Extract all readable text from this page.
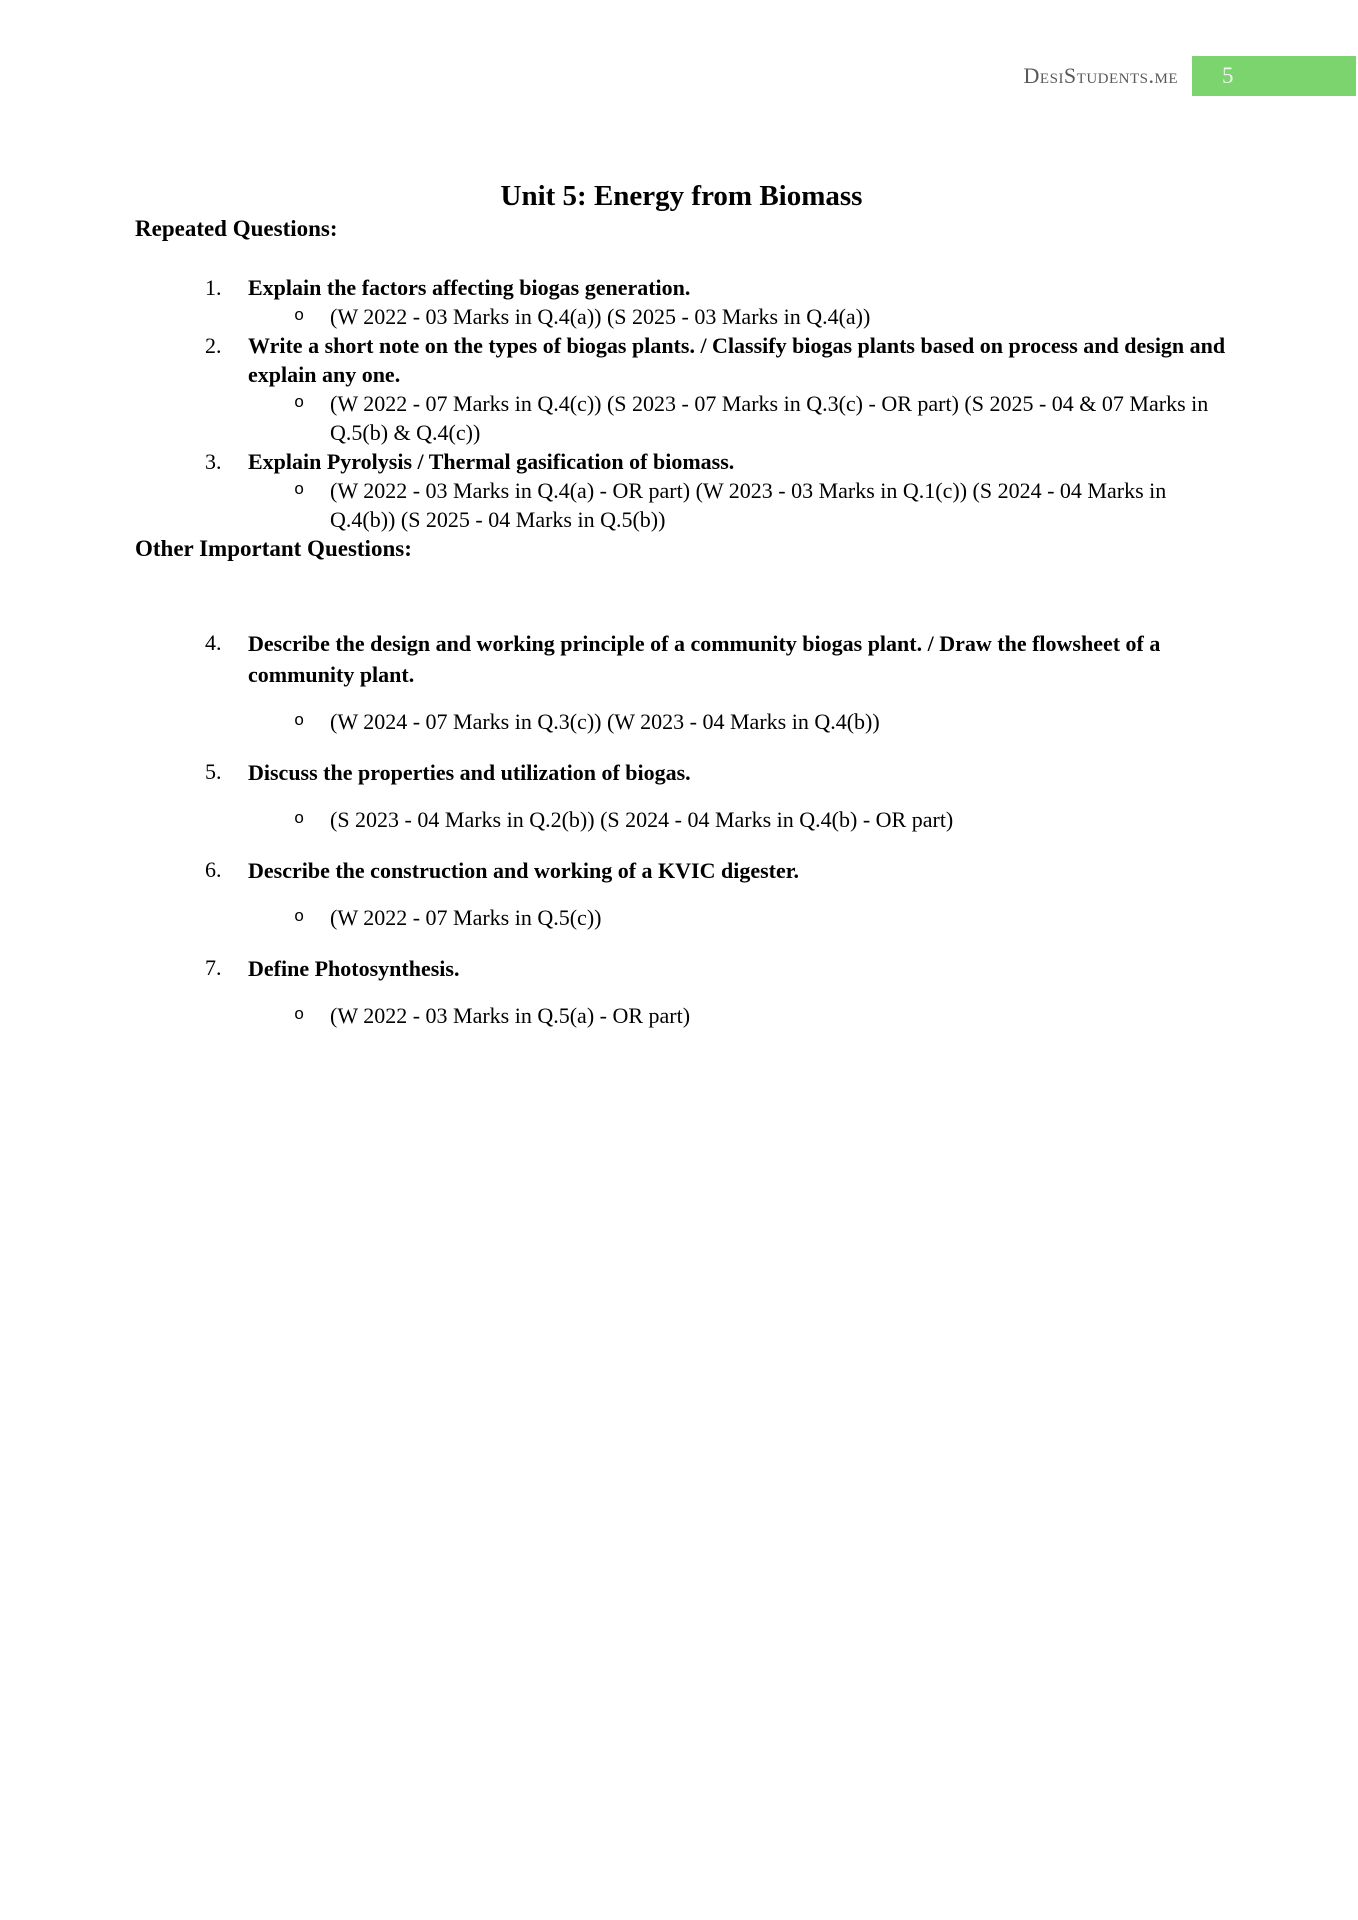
DesiStudents.me	5
Unit 5: Energy from Biomass
Repeated Questions:
1.	Explain the factors affecting biogas generation.

o	(W 2022 - 03 Marks in Q.4(a)) (S 2025 - 03 Marks in Q.4(a))

2.	Write a short note on the types of biogas plants. / Classify biogas plants based on process and design and explain any one.

o	(W 2022 - 07 Marks in Q.4(c)) (S 2023 - 07 Marks in Q.3(c) - OR part) (S 2025 - 04 & 07 Marks in Q.5(b) & Q.4(c))

3.	Explain Pyrolysis / Thermal gasification of biomass.

o	(W 2022 - 03 Marks in Q.4(a) - OR part) (W 2023 - 03 Marks in Q.1(c)) (S 2024 - 04 Marks in Q.4(b)) (S 2025 - 04 Marks in Q.5(b))

Other Important Questions:
4.	Describe the design and working principle of a community biogas plant. / Draw the flowsheet of a community plant.

o	(W 2024 - 07 Marks in Q.3(c)) (W 2023 - 04 Marks in Q.4(b))

5.	Discuss the properties and utilization of biogas.

o	(S 2023 - 04 Marks in Q.2(b)) (S 2024 - 04 Marks in Q.4(b) - OR part)

6.	Describe the construction and working of a KVIC digester.

o	(W 2022 - 07 Marks in Q.5(c))

7.	Define Photosynthesis.

o	(W 2022 - 03 Marks in Q.5(a) - OR part)
